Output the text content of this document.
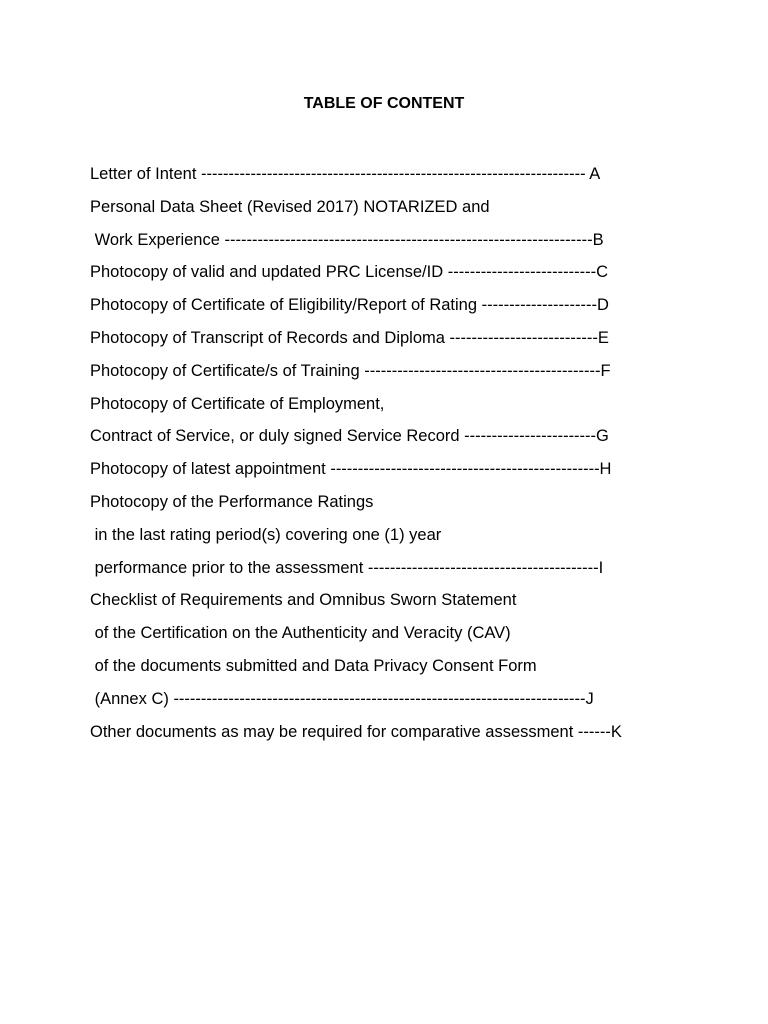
TABLE OF CONTENT
Letter of Intent ---------------------------------------------------------------------- A
Personal Data Sheet (Revised 2017) NOTARIZED and
Work Experience -------------------------------------------------------------------B
Photocopy of valid and updated PRC License/ID ---------------------------C
Photocopy of Certificate of Eligibility/Report of Rating ---------------------D
Photocopy of Transcript of Records and Diploma ---------------------------E
Photocopy of Certificate/s of Training -------------------------------------------F
Photocopy of Certificate of Employment,
Contract of Service, or duly signed Service Record ------------------------G
Photocopy of latest appointment -------------------------------------------------H
Photocopy of the Performance Ratings
in the last rating period(s) covering one (1) year
performance prior to the assessment ------------------------------------------I
Checklist of Requirements and Omnibus Sworn Statement
of the Certification on the Authenticity and Veracity (CAV)
of the documents submitted and Data Privacy Consent Form
(Annex C) ---------------------------------------------------------------------------J
Other documents as may be required for comparative assessment ------K
